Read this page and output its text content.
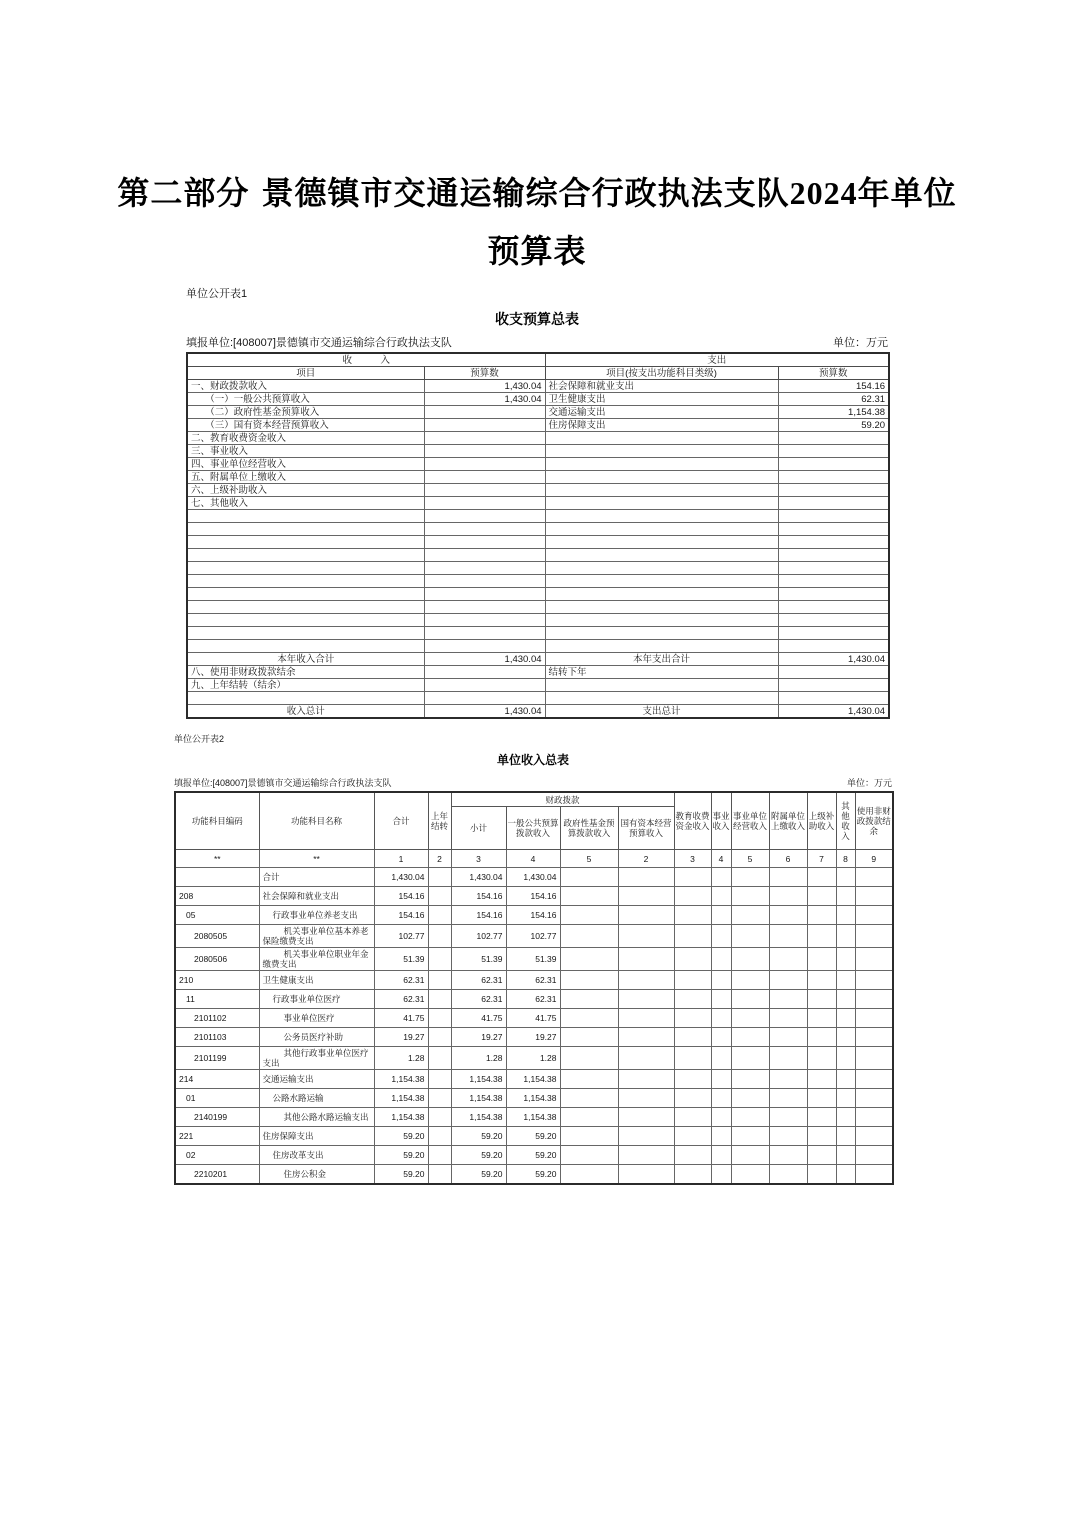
第二部分 景德镇市交通运输综合行政执法支队2024年单位
预算表
单位公开表1
收支预算总表
填报单位:[408007]景德镇市交通运输综合行政执法支队	单位：万元
收　　　入		支出	
项目	预算数	项目(按支出功能科目类级)	预算数
一、财政拨款收入	1,430.04	社会保障和就业支出	154.16
　　（一）一般公共预算收入	1,430.04	卫生健康支出	62.31
　　（二）政府性基金预算收入		交通运输支出	1,154.38
　　（三）国有资本经营预算收入		住房保障支出	59.20
二、教育收费资金收入			
三、事业收入			
四、事业单位经营收入			
五、附属单位上缴收入			
六、上级补助收入			
七、其他收入			

本年收入合计	1,430.04	本年支出合计	1,430.04
八、使用非财政拨款结余		结转下年	
九、上年结转（结余）			

收入总计	1,430.04	支出总计	1,430.04
单位公开表2
单位收入总表
填报单位:[408007]景德镇市交通运输综合行政执法支队	单位：万元
功能科目编码	功能科目名称	合计	上年结转	财政拨款				教育收费资金收入	事业收入	事业单位经营收入	附属单位上缴收入	上级补助收入	其他收入	使用非财政拨款结余
				小计	一般公共预算拨款收入	政府性基金预算拨款收入	国有资本经营预算收入							
**	**	1	2	3	4	5	2	3	4	5	6	7	8	9
	合计	1,430.04		1,430.04	1,430.04									
208	社会保障和就业支出	154.16		154.16	154.16									
05	行政事业单位养老支出	154.16		154.16	154.16									
2080505	机关事业单位基本养老保险缴费支出	102.77		102.77	102.77									
2080506	机关事业单位职业年金缴费支出	51.39		51.39	51.39									
210	卫生健康支出	62.31		62.31	62.31									
11	行政事业单位医疗	62.31		62.31	62.31									
2101102	事业单位医疗	41.75		41.75	41.75									
2101103	公务员医疗补助	19.27		19.27	19.27									
2101199	其他行政事业单位医疗支出	1.28		1.28	1.28									
214	交通运输支出	1,154.38		1,154.38	1,154.38									
01	公路水路运输	1,154.38		1,154.38	1,154.38									
2140199	其他公路水路运输支出	1,154.38		1,154.38	1,154.38									
221	住房保障支出	59.20		59.20	59.20									
02	住房改革支出	59.20		59.20	59.20									
2210201	住房公积金	59.20		59.20	59.20									
